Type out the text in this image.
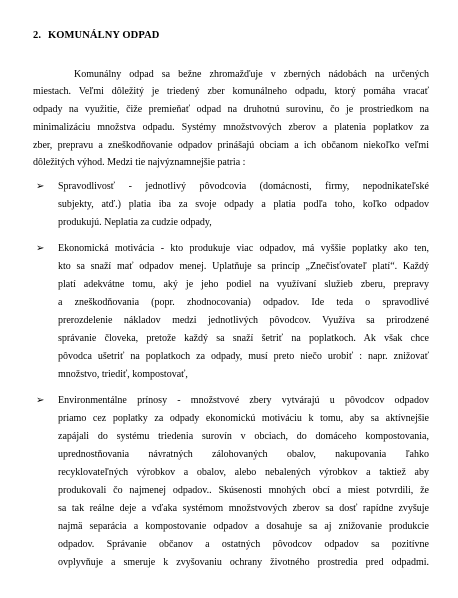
2. KOMUNÁLNY ODPAD
Komunálny odpad sa bežne zhromažďuje v zberných nádobách na určených
miestach. Veľmi dôležitý je triedený zber komunálneho odpadu, ktorý pomáha vracať
odpady na využitie, čiže premieňať odpad na druhotnú surovinu, čo je prostriedkom na
minimalizáciu množstva odpadu. Systémy množstvových zberov a platenia poplatkov za
zber, prepravu a zneškodňovanie odpadov prinášajú obciam a ich občanom niekoľko veľmi
dôležitých výhod. Medzi tie najvýznamnejšie patria :
➢ Spravodlivosť - jednotlivý pôvodcovia (domácnosti, firmy, nepodnikateľské
subjekty, atď.) platia iba za svoje odpady a platia podľa toho, koľko odpadov
produkujú. Neplatia za cudzie odpady,
➢ Ekonomická motivácia - kto produkuje viac odpadov, má vyššie poplatky ako ten,
kto sa snaží mať odpadov menej. Uplatňuje sa princíp „Znečisťovateľ platí“. Každý
platí adekvátne tomu, aký je jeho podiel na využívaní služieb zberu, prepravy
a zneškodňovania (popr. zhodnocovania) odpadov. Ide teda o spravodlivé
prerozdelenie nákladov medzi jednotlivých pôvodcov. Využíva sa prirodzené
správanie človeka, pretože každý sa snaží šetriť na poplatkoch. Ak však chce
pôvodca ušetriť na poplatkoch za odpady, musí preto niečo urobiť : napr. znižovať
množstvo, triediť, kompostovať,
➢ Environmentálne prínosy - množstvové zbery vytvárajú u pôvodcov odpadov
priamo cez poplatky za odpady ekonomickú motiváciu k tomu, aby sa aktívnejšie
zapájali do systému triedenia surovín v obciach, do domáceho kompostovania,
uprednostňovania návratných zálohovaných obalov, nakupovania ľahko
recyklovateľných výrobkov a obalov, alebo nebalených výrobkov a taktiež aby
produkovali čo najmenej odpadov.. Skúsenosti mnohých obcí a miest potvrdili, že
sa tak reálne deje a vďaka systémom množstvových zberov sa dosť rapídne zvyšuje
najmä separácia a kompostovanie odpadov a dosahuje sa aj znižovanie produkcie
odpadov. Správanie občanov a ostatných pôvodcov odpadov sa pozitívne
ovplyvňuje a smeruje k zvyšovaniu ochrany životného prostredia pred odpadmi.
